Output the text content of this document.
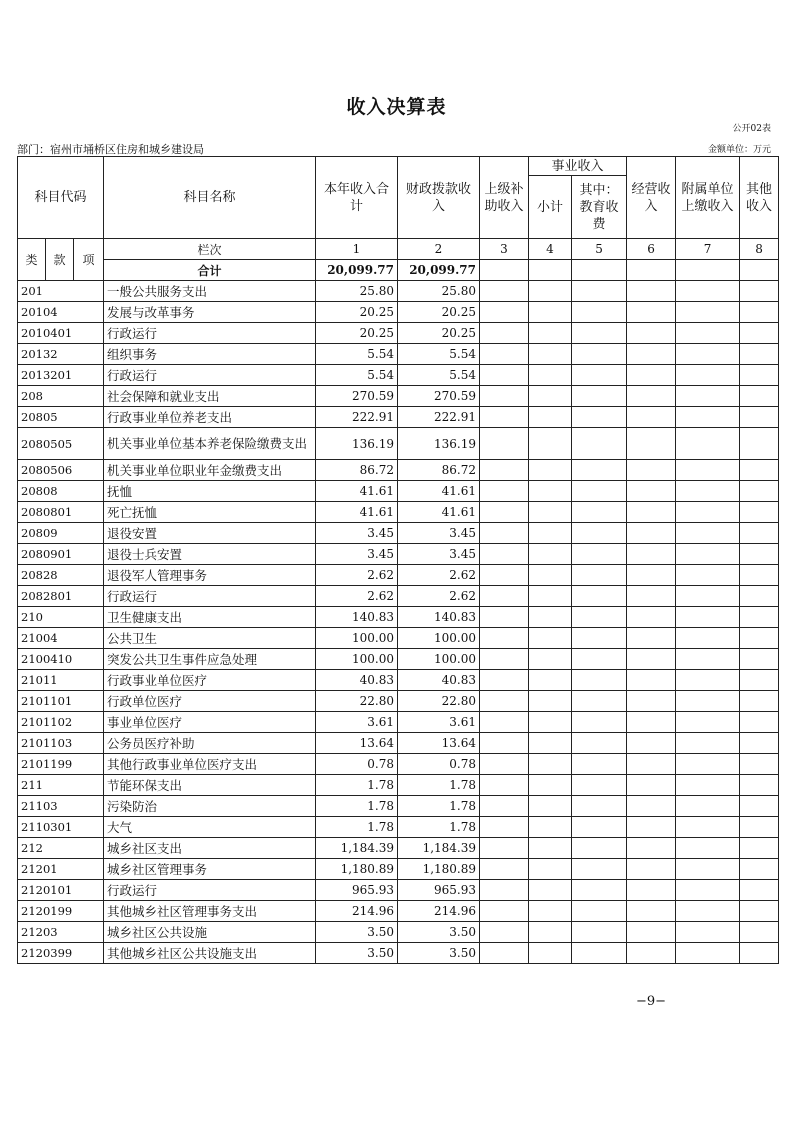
收入决算表
公开02表
部门：宿州市埇桥区住房和城乡建设局	金额单位：万元
科目代码			科目名称	本年收入合计	财政拨款收入	上级补助收入	事业收入		经营收入	附属单位上缴收入	其他收入
							小计	其中：教育收费			
类	款	项	栏次	1	2	3	4	5	6	7	8
			合计	20,099.77	20,099.77						
201			一般公共服务支出	25.80	25.80						
20104			发展与改革事务	20.25	20.25						
2010401			行政运行	20.25	20.25						
20132			组织事务	5.54	5.54						
2013201			行政运行	5.54	5.54						
208			社会保障和就业支出	270.59	270.59						
20805			行政事业单位养老支出	222.91	222.91						
2080505			机关事业单位基本养老保险缴费支出	136.19	136.19						
2080506			机关事业单位职业年金缴费支出	86.72	86.72						
20808			抚恤	41.61	41.61						
2080801			死亡抚恤	41.61	41.61						
20809			退役安置	3.45	3.45						
2080901			退役士兵安置	3.45	3.45						
20828			退役军人管理事务	2.62	2.62						
2082801			行政运行	2.62	2.62						
210			卫生健康支出	140.83	140.83						
21004			公共卫生	100.00	100.00						
2100410			突发公共卫生事件应急处理	100.00	100.00						
21011			行政事业单位医疗	40.83	40.83						
2101101			行政单位医疗	22.80	22.80						
2101102			事业单位医疗	3.61	3.61						
2101103			公务员医疗补助	13.64	13.64						
2101199			其他行政事业单位医疗支出	0.78	0.78						
211			节能环保支出	1.78	1.78						
21103			污染防治	1.78	1.78						
2110301			大气	1.78	1.78						
212			城乡社区支出	1,184.39	1,184.39						
21201			城乡社区管理事务	1,180.89	1,180.89						
2120101			行政运行	965.93	965.93						
2120199			其他城乡社区管理事务支出	214.96	214.96						
21203			城乡社区公共设施	3.50	3.50						
2120399			其他城乡社区公共设施支出	3.50	3.50						
−9−
